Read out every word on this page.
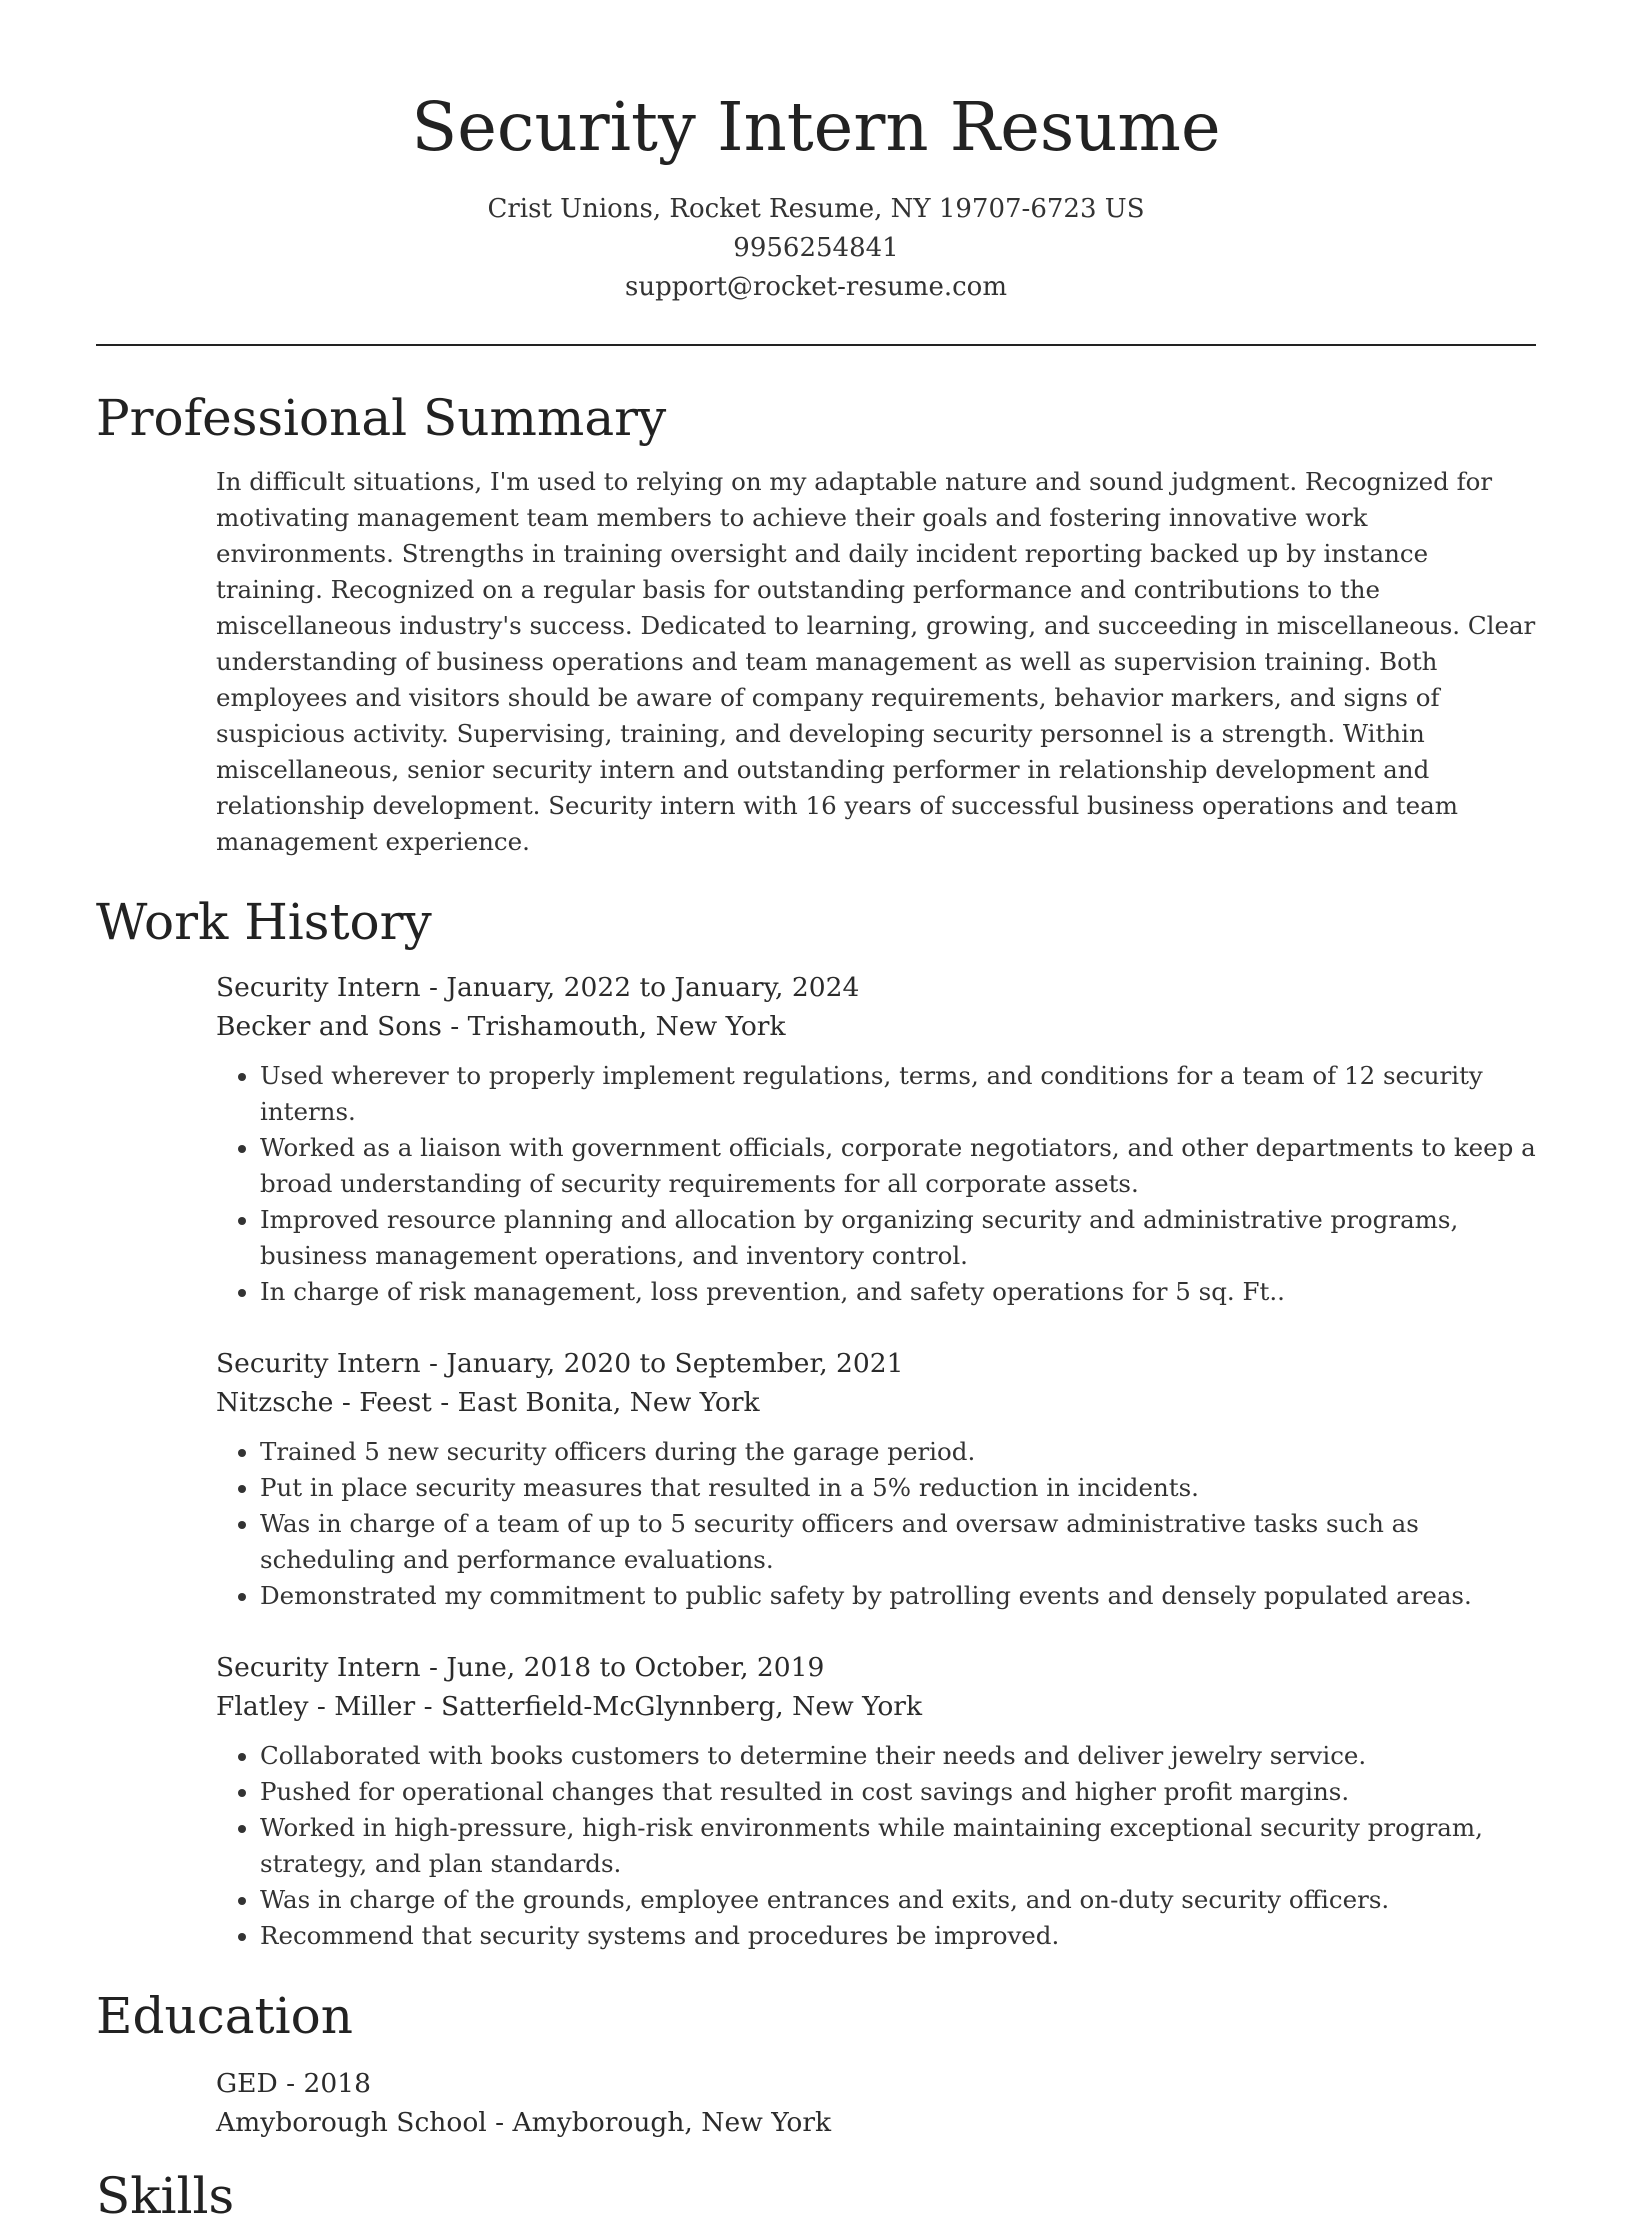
Security Intern Resume
Crist Unions, Rocket Resume, NY 19707-6723 US
9956254841
support@rocket-resume.com
Professional Summary

In difficult situations, I'm used to relying on my adaptable nature and sound judgment. Recognized for motivating management team members to achieve their goals and fostering innovative work environments. Strengths in training oversight and daily incident reporting backed up by instance training. Recognized on a regular basis for outstanding performance and contributions to the miscellaneous industry's success. Dedicated to learning, growing, and succeeding in miscellaneous. Clear understanding of business operations and team management as well as supervision training. Both employees and visitors should be aware of company requirements, behavior markers, and signs of suspicious activity. Supervising, training, and developing security personnel is a strength. Within miscellaneous, senior security intern and outstanding performer in relationship development and relationship development. Security intern with 16 years of successful business operations and team management experience.

Work History
Security Intern - January, 2022 to January, 2024
Becker and Sons - Trishamouth, New York
• Used wherever to properly implement regulations, terms, and conditions for a team of 12 security interns.
• Worked as a liaison with government officials, corporate negotiators, and other departments to keep a broad understanding of security requirements for all corporate assets.
• Improved resource planning and allocation by organizing security and administrative programs, business management operations, and inventory control.
• In charge of risk management, loss prevention, and safety operations for 5 sq. Ft..
Security Intern - January, 2020 to September, 2021
Nitzsche - Feest - East Bonita, New York
• Trained 5 new security officers during the garage period.
• Put in place security measures that resulted in a 5% reduction in incidents.
• Was in charge of a team of up to 5 security officers and oversaw administrative tasks such as scheduling and performance evaluations.
• Demonstrated my commitment to public safety by patrolling events and densely populated areas.
Security Intern - June, 2018 to October, 2019
Flatley - Miller - Satterfield-McGlynnberg, New York
• Collaborated with books customers to determine their needs and deliver jewelry service.
• Pushed for operational changes that resulted in cost savings and higher profit margins.
• Worked in high-pressure, high-risk environments while maintaining exceptional security program, strategy, and plan standards.
• Was in charge of the grounds, employee entrances and exits, and on-duty security officers.
• Recommend that security systems and procedures be improved.
Education
GED - 2018
Amyborough School - Amyborough, New York
Skills
